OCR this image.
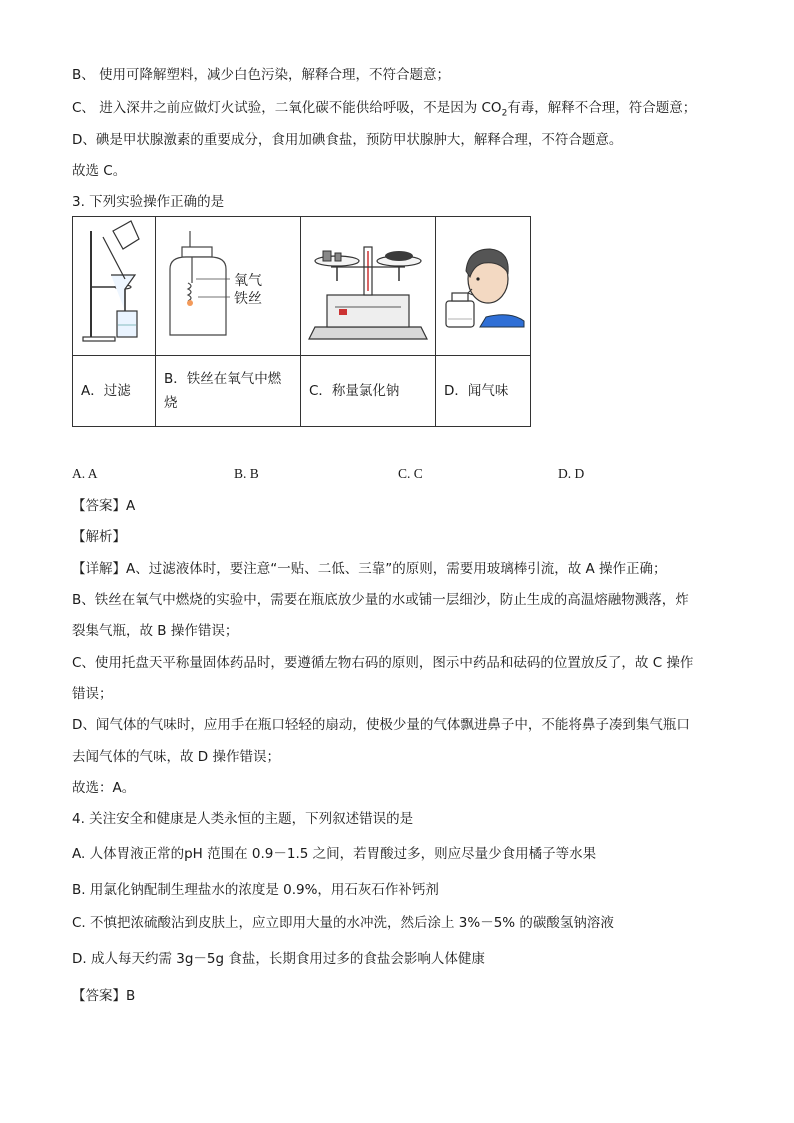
B、 使用可降解塑料，减少白色污染，解释合理，不符合题意；
C、 进入深井之前应做灯火试验，二氧化碳不能供给呼吸，不是因为 $CO_2$有毒，解释不合理，符合题意；
D、碘是甲状腺激素的重要成分，食用加碘食盐，预防甲状腺肿大，解释合理，不符合题意。
故选 C。
3. 下列实验操作正确的是

氧气
铁丝

A．过滤	B．铁丝在氧气中燃烧	C．称量氯化钠	D．闻气味
A. A	B. B	C. C	D. D
【答案】A
【解析】
【详解】A、过滤液体时，要注意“一贴、二低、三靠”的原则，需要用玻璃棒引流，故 A 操作正确；
B、铁丝在氧气中燃烧的实验中，需要在瓶底放少量的水或铺一层细沙，防止生成的高温熔融物溅落，炸
裂集气瓶，故 B 操作错误；
C、使用托盘天平称量固体药品时，要遵循左物右码的原则，图示中药品和砝码的位置放反了，故 C 操作
错误；
D、闻气体的气味时，应用手在瓶口轻轻的扇动，使极少量的气体飘进鼻子中，不能将鼻子凑到集气瓶口
去闻气体的气味，故 D 操作错误；
故选：A。
4. 关注安全和健康是人类永恒的主题，下列叙述错误的是
A. 人体胃液正常的pH 范围在 0.9－1.5 之间，若胃酸过多，则应尽量少食用橘子等水果
B. 用氯化钠配制生理盐水的浓度是 0.9%，用石灰石作补钙剂
C. 不慎把浓硫酸沾到皮肤上，应立即用大量的水冲洗，然后涂上 3%－5% 的碳酸氢钠溶液
D. 成人每天约需 3g－5g 食盐，长期食用过多的食盐会影响人体健康
【答案】B
